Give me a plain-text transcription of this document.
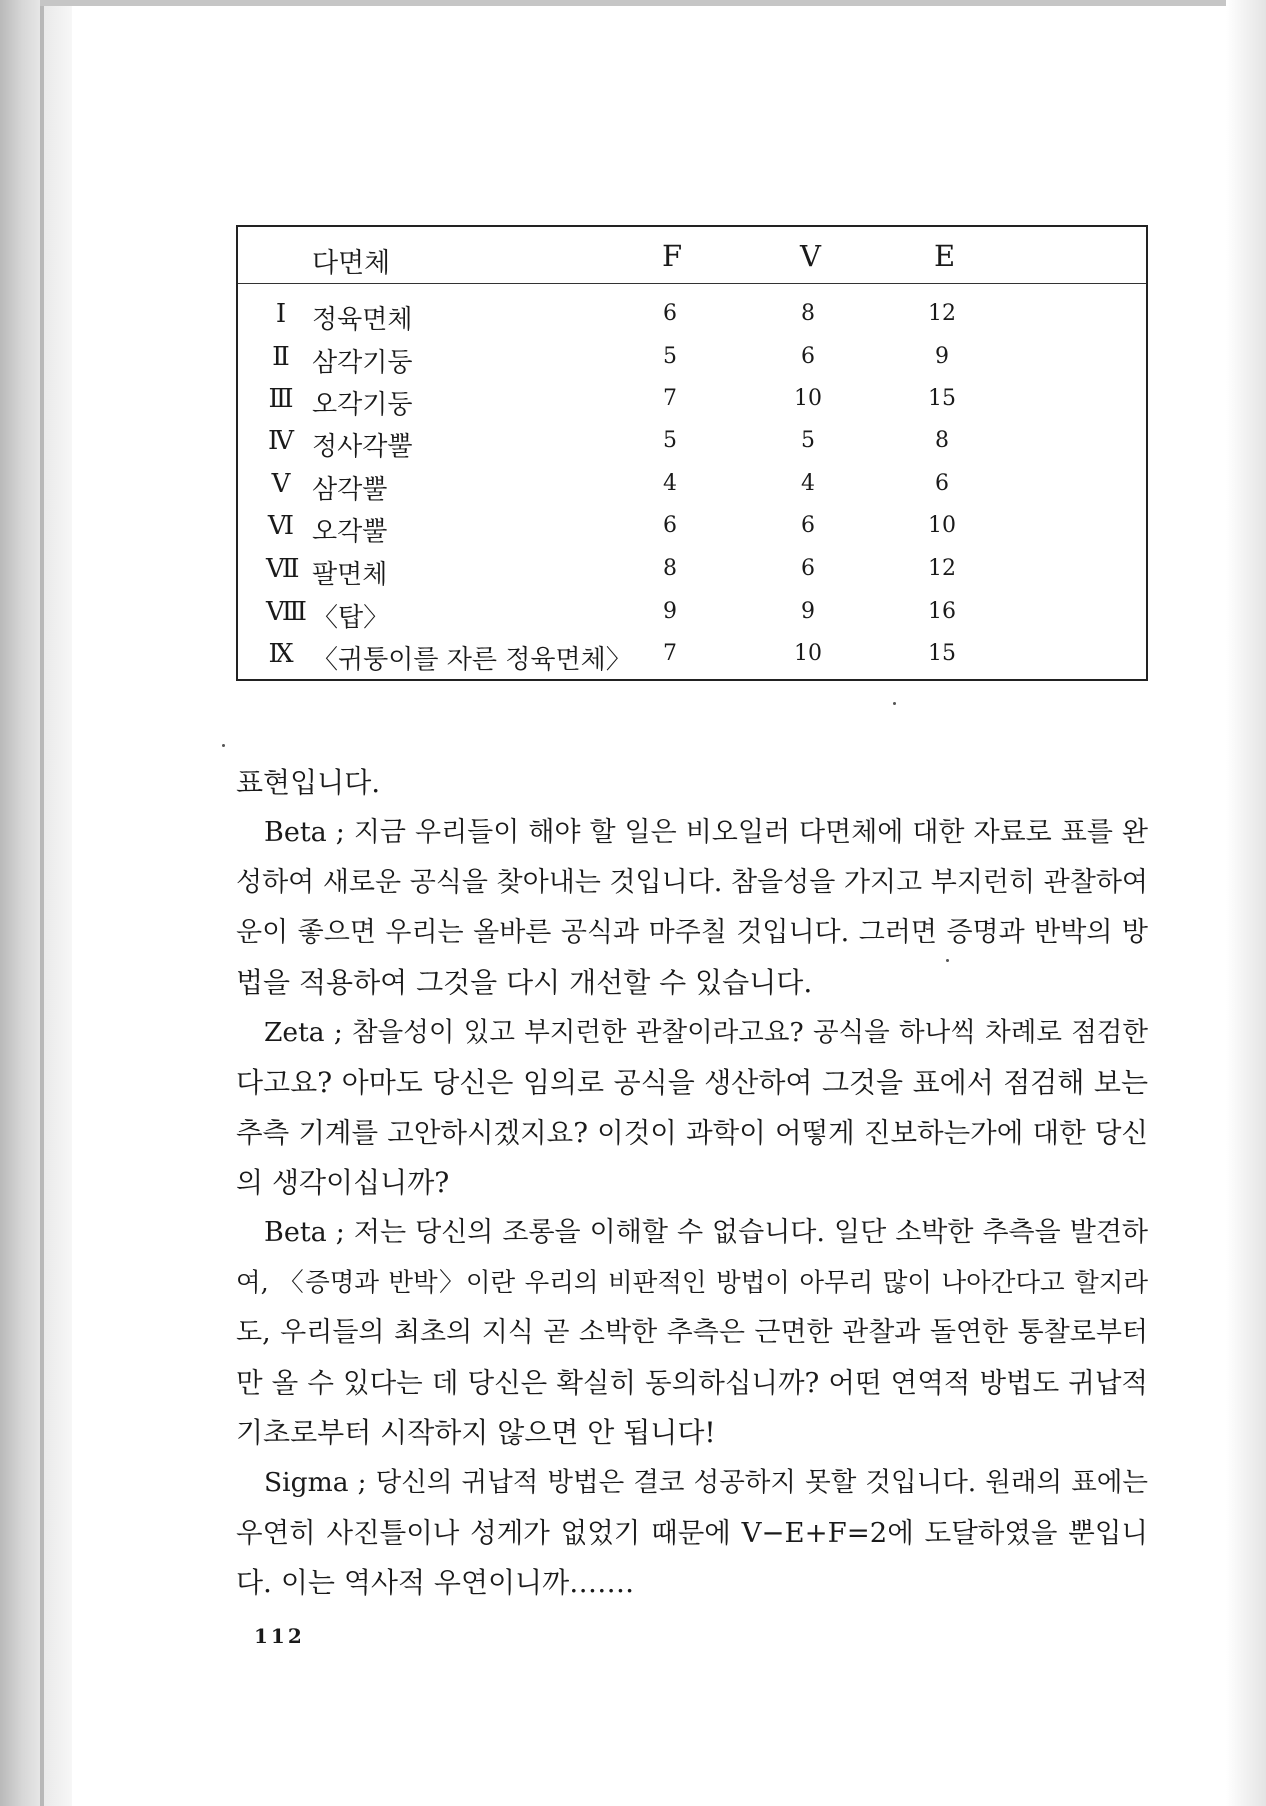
다면체	F	V	E
Ⅰ 정육면체	6	8	12
Ⅱ 삼각기둥	5	6	9
Ⅲ 오각기둥	7	10	15
Ⅳ 정사각뿔	5	5	8
Ⅴ 삼각뿔	4	4	6
Ⅵ 오각뿔	6	6	10
Ⅶ 팔면체	8	6	12
Ⅷ 〈탑〉	9	9	16
Ⅸ 〈귀퉁이를 자른 정육면체〉	7	10	15
표현입니다.
Beta ; 지금 우리들이 해야 할 일은 비오일러 다면체에 대한 자료로 표를 완
성하여 새로운 공식을 찾아내는 것입니다. 참을성을 가지고 부지런히 관찰하여
운이 좋으면 우리는 올바른 공식과 마주칠 것입니다. 그러면 증명과 반박의 방
법을 적용하여 그것을 다시 개선할 수 있습니다.
Zeta ; 참을성이 있고 부지런한 관찰이라고요? 공식을 하나씩 차례로 점검한
다고요? 아마도 당신은 임의로 공식을 생산하여 그것을 표에서 점검해 보는
추측 기계를 고안하시겠지요? 이것이 과학이 어떻게 진보하는가에 대한 당신
의 생각이십니까?
Beta ; 저는 당신의 조롱을 이해할 수 없습니다. 일단 소박한 추측을 발견하
여, 〈증명과 반박〉이란 우리의 비판적인 방법이 아무리 많이 나아간다고 할지라
도, 우리들의 최초의 지식 곧 소박한 추측은 근면한 관찰과 돌연한 통찰로부터
만 올 수 있다는 데 당신은 확실히 동의하십니까? 어떤 연역적 방법도 귀납적
기초로부터 시작하지 않으면 안 됩니다!
Sigma ; 당신의 귀납적 방법은 결코 성공하지 못할 것입니다. 원래의 표에는
우연히 사진틀이나 성게가 없었기 때문에 V−E+F=2에 도달하였을 뿐입니
다. 이는 역사적 우연이니까…….
112
